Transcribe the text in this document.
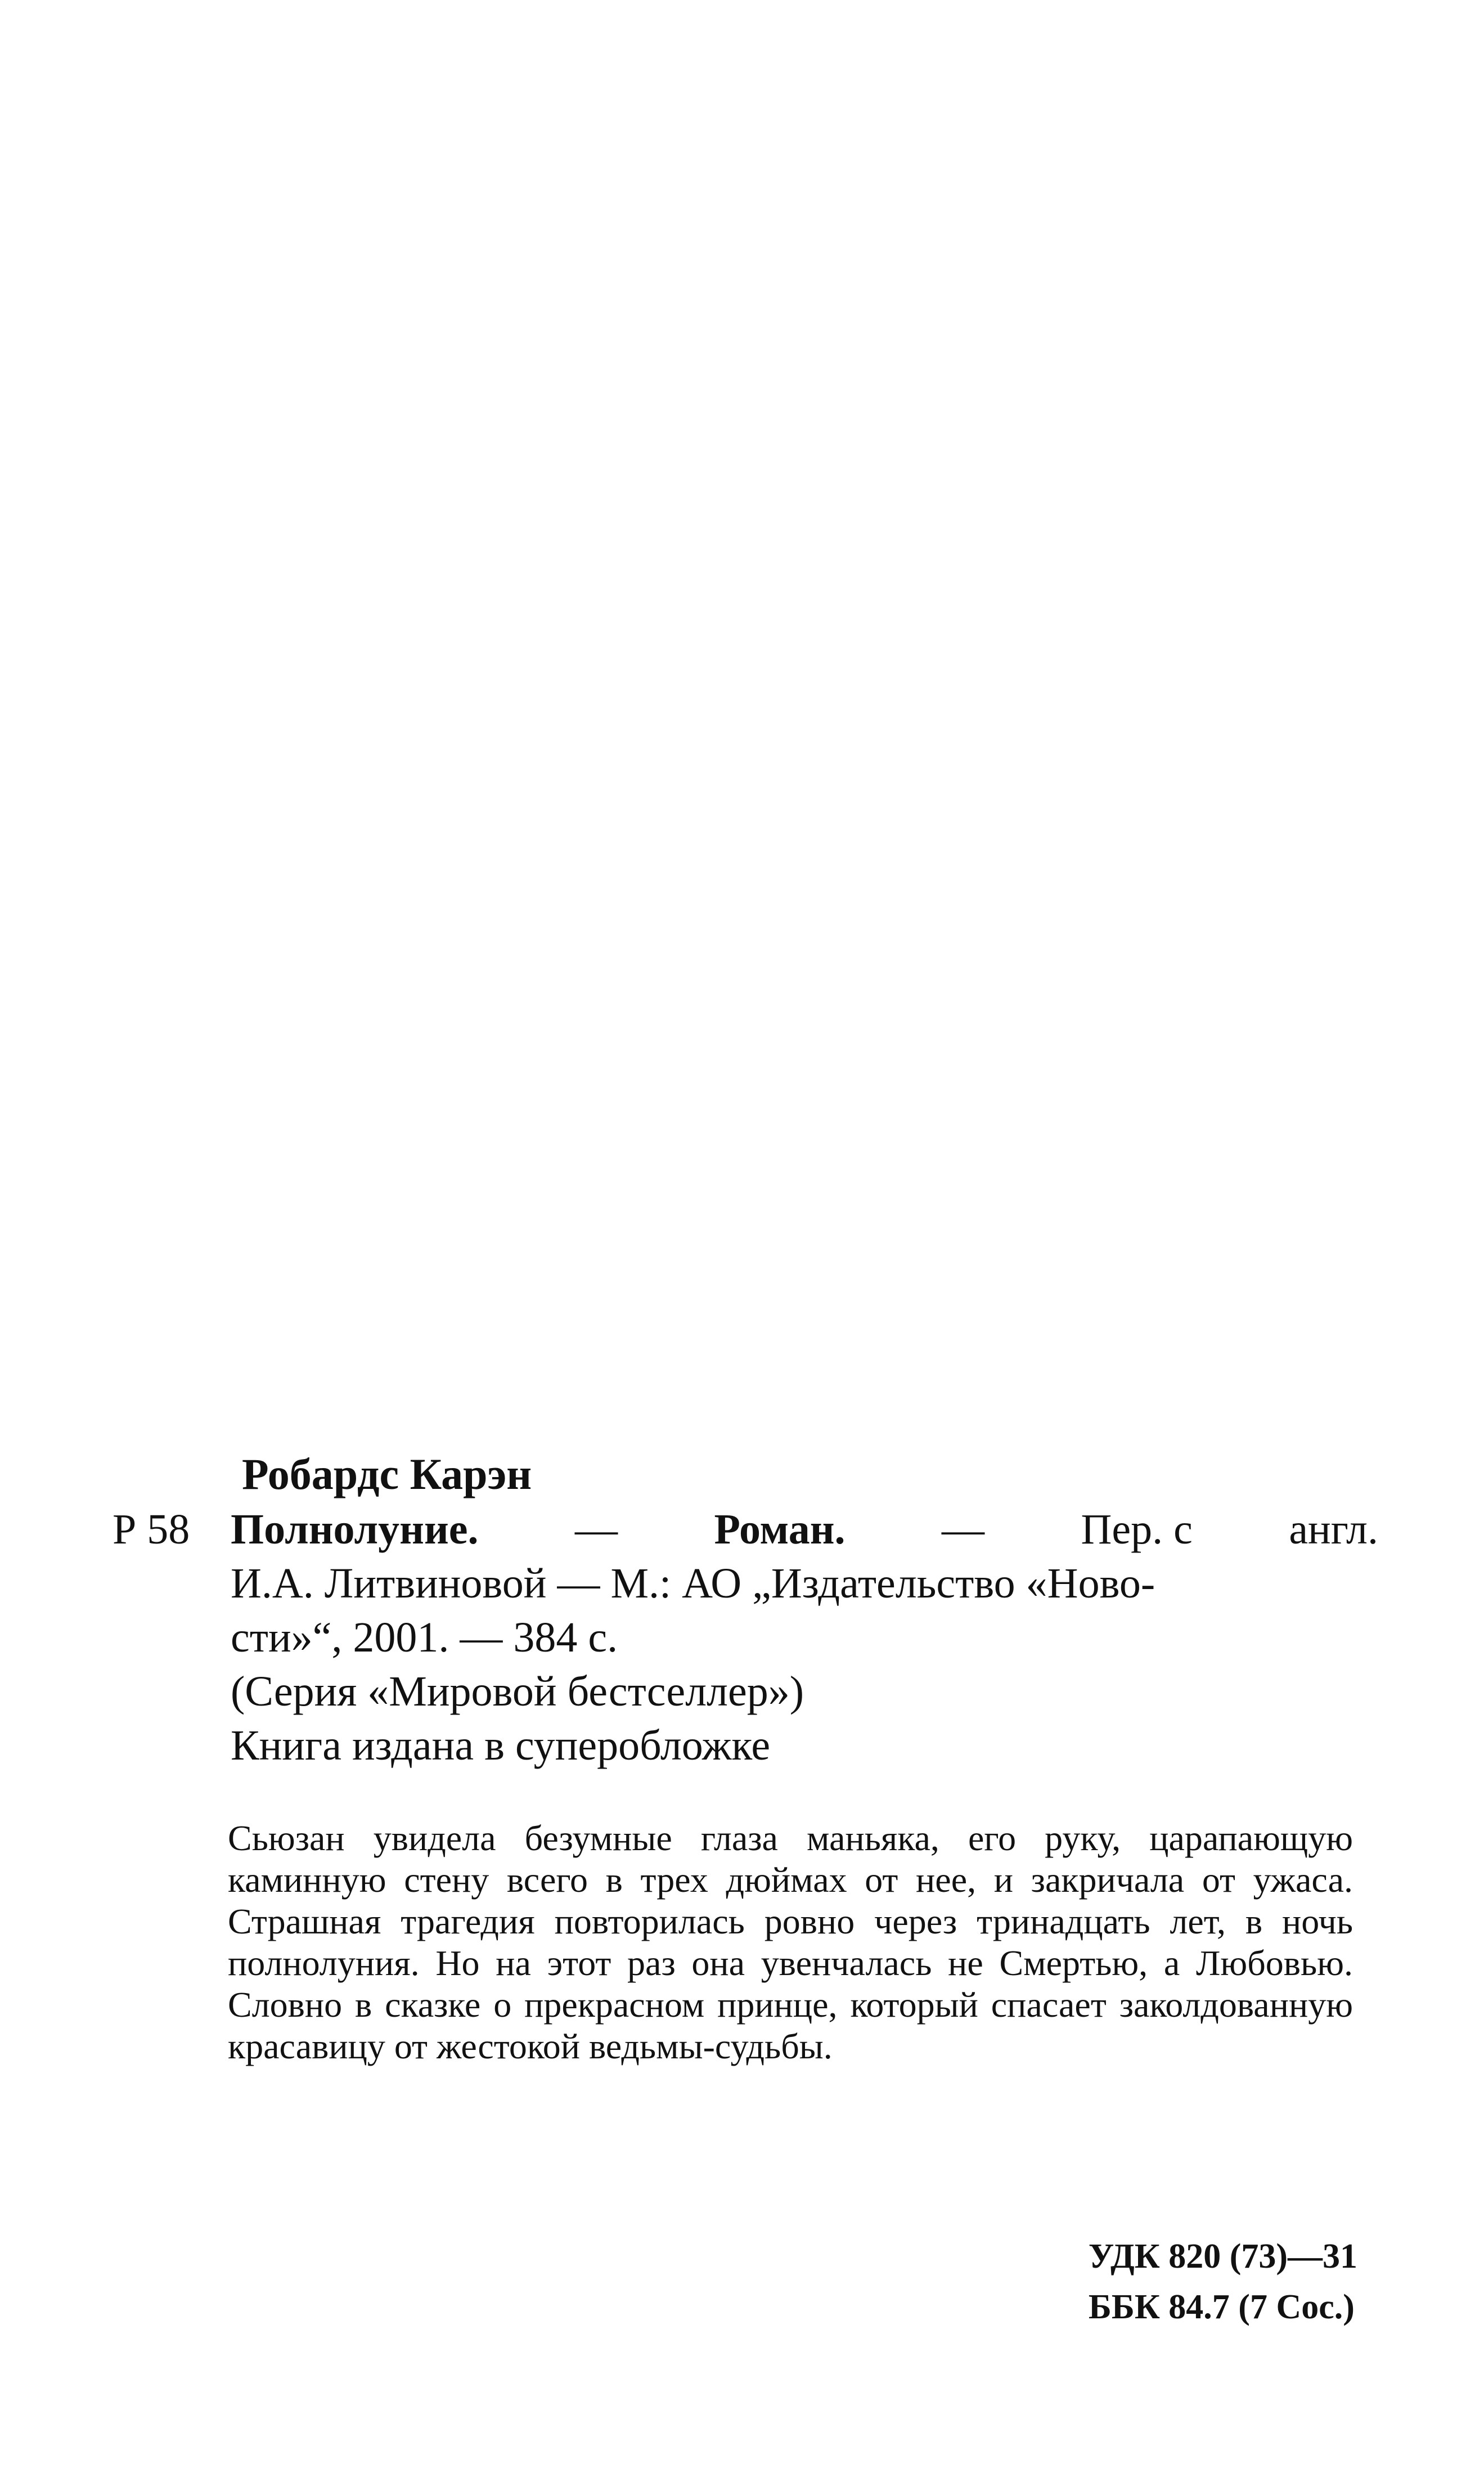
Робардс Карэн
Р 58 Полнолуние. — Роман. — Пер. с англ.
И.А. Литвиновой — М.: АО „Издательство «Ново-
сти»“, 2001. — 384 с.
(Серия «Мировой бестселлер»)
Книга издана в суперобложке
Сьюзан увидела безумные глаза маньяка, его руку, царапающую каминную стену всего в трех дюймах от нее, и закричала от ужаса. Страшная трагедия повторилась ровно через тринадцать лет, в ночь полнолуния. Но на этот раз она увенчалась не Смертью, а Любовью. Словно в сказке о прекрасном принце, который спасает заколдованную красавицу от жестокой ведьмы-судьбы.
УДК 820 (73)—31
ББК 84.7 (7 Сос.)
